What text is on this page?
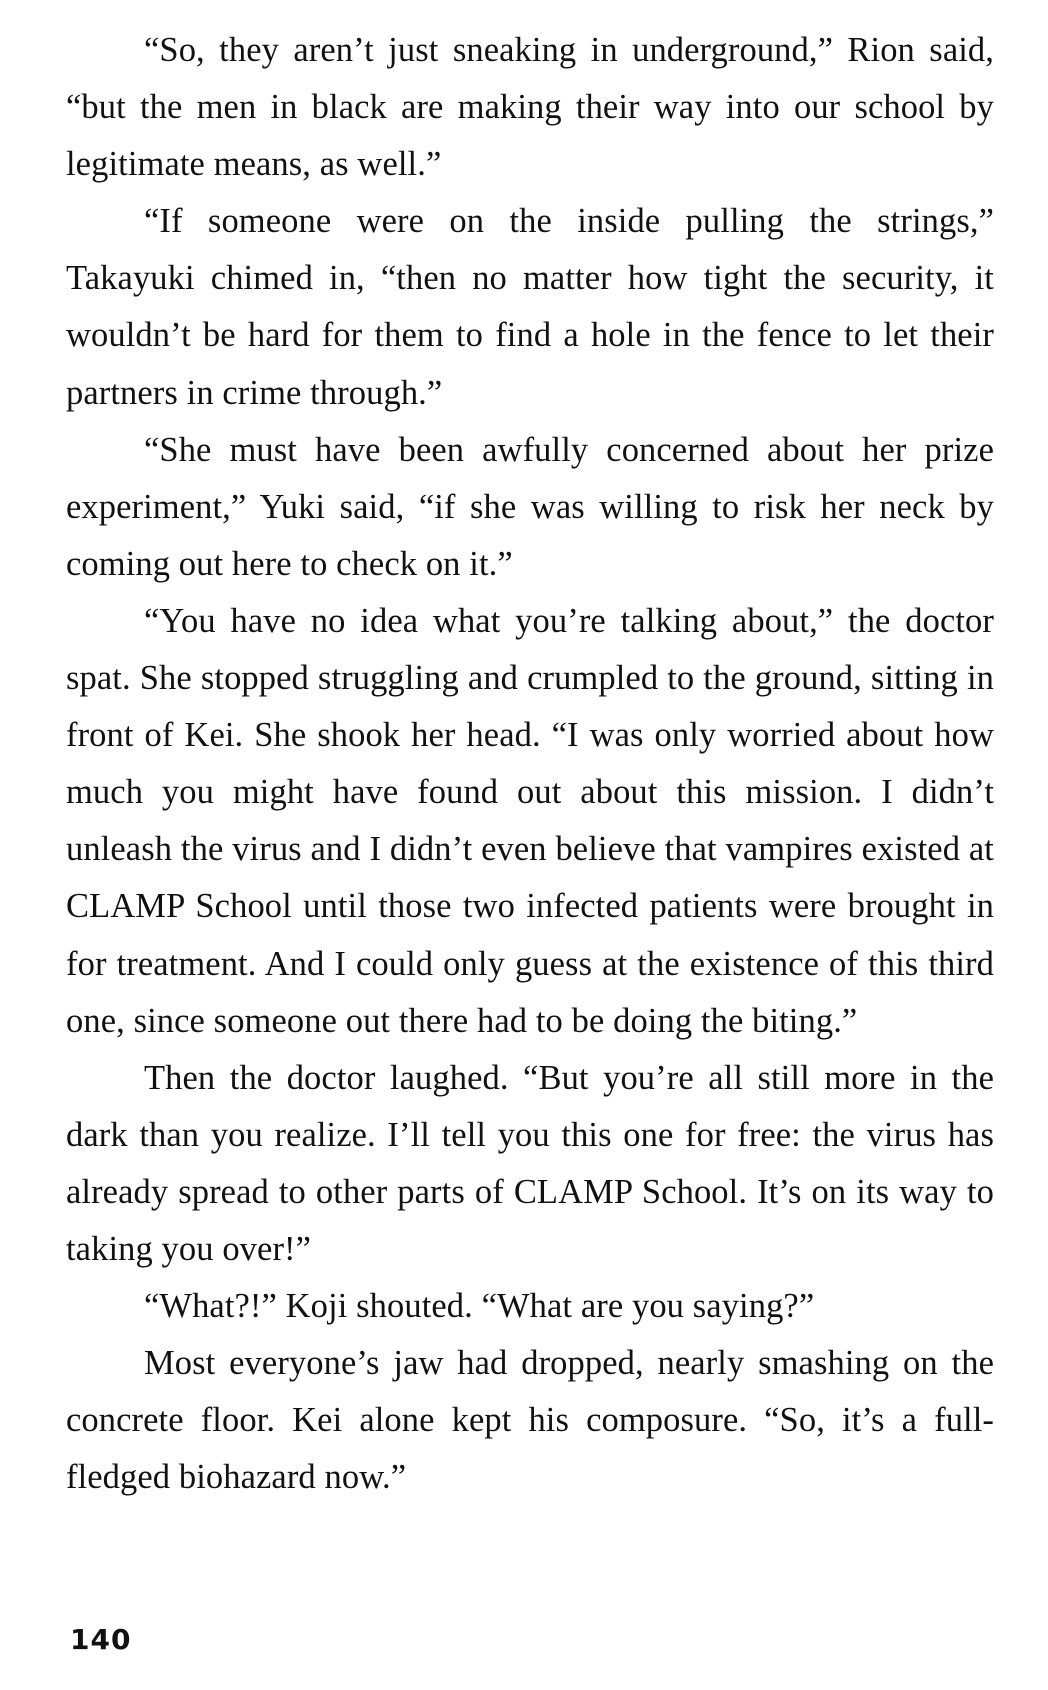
“So, they aren’t just sneaking in underground,” Rion said, “but the men in black are making their way into our school by legitimate means, as well.”

“If someone were on the inside pulling the strings,” Takayuki chimed in, “then no matter how tight the security, it wouldn’t be hard for them to find a hole in the fence to let their partners in crime through.”

“She must have been awfully concerned about her prize experiment,” Yuki said, “if she was willing to risk her neck by coming out here to check on it.”

“You have no idea what you’re talking about,” the doctor spat. She stopped struggling and crumpled to the ground, sitting in front of Kei. She shook her head. “I was only worried about how much you might have found out about this mission. I didn’t unleash the virus and I didn’t even believe that vampires existed at CLAMP School until those two infected patients were brought in for treatment. And I could only guess at the existence of this third one, since someone out there had to be doing the biting.”

Then the doctor laughed. “But you’re all still more in the dark than you realize. I’ll tell you this one for free: the virus has already spread to other parts of CLAMP School. It’s on its way to taking you over!”

“What?!” Koji shouted. “What are you saying?”

Most everyone’s jaw had dropped, nearly smashing on the concrete floor. Kei alone kept his composure. “So, it’s a full-fledged biohazard now.”

140
